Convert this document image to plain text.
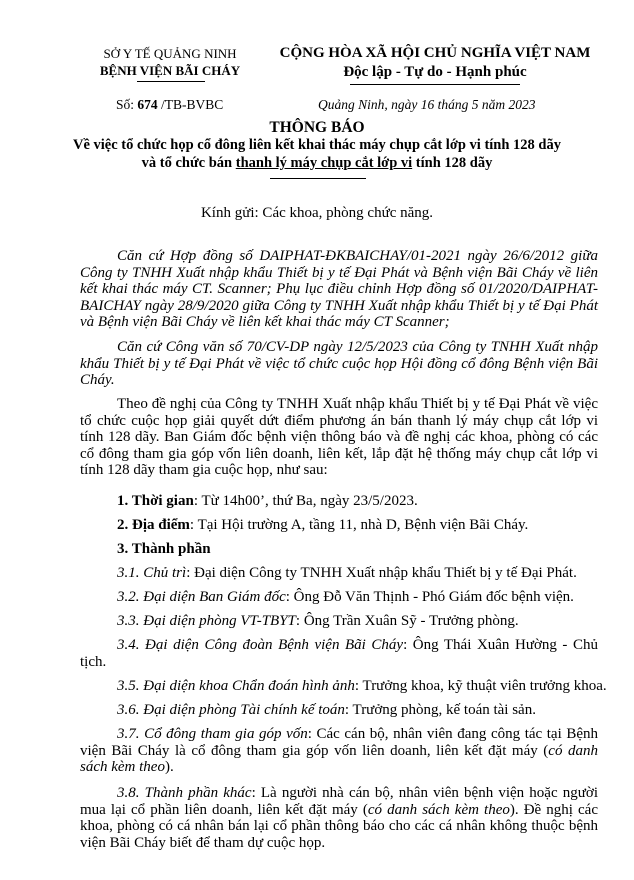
SỞ Y TẾ QUẢNG NINH
BỆNH VIỆN BÃI CHÁY
CỘNG HÒA XÃ HỘI CHỦ NGHĨA VIỆT NAM
Độc lập - Tự do - Hạnh phúc
Số: 674 /TB-BVBC	Quảng Ninh, ngày 16 tháng 5 năm 2023
THÔNG BÁO
Về việc tổ chức họp cổ đông liên kết khai thác máy chụp cắt lớp vi tính 128 dãy
và tổ chức bán thanh lý máy chụp cắt lớp vi tính 128 dãy
Kính gửi: Các khoa, phòng chức năng.
Căn cứ Hợp đồng số DAIPHAT-ĐKBAICHAY/01-2021 ngày 26/6/2012 giữa Công ty TNHH Xuất nhập khẩu Thiết bị y tế Đại Phát và Bệnh viện Bãi Cháy về liên kết khai thác máy CT. Scanner; Phụ lục điều chỉnh Hợp đồng số 01/2020/DAIPHAT-BAICHAY ngày 28/9/2020 giữa Công ty TNHH Xuất nhập khẩu Thiết bị y tế Đại Phát và Bệnh viện Bãi Cháy về liên kết khai thác máy CT Scanner;
Căn cứ Công văn số 70/CV-DP ngày 12/5/2023 của Công ty TNHH Xuất nhập khẩu Thiết bị y tế Đại Phát về việc tổ chức cuộc họp Hội đồng cổ đông Bệnh viện Bãi Cháy.
Theo đề nghị của Công ty TNHH Xuất nhập khẩu Thiết bị y tế Đại Phát về việc tổ chức cuộc họp giải quyết dứt điểm phương án bán thanh lý máy chụp cắt lớp vi tính 128 dãy. Ban Giám đốc bệnh viện thông báo và đề nghị các khoa, phòng có các cổ đông tham gia góp vốn liên doanh, liên kết, lắp đặt hệ thống máy chụp cắt lớp vi tính 128 dãy tham gia cuộc họp, như sau:
1. Thời gian: Từ 14h00’, thứ Ba, ngày 23/5/2023.
2. Địa điểm: Tại Hội trường A, tầng 11, nhà D, Bệnh viện Bãi Cháy.
3. Thành phần
3.1. Chủ trì: Đại diện Công ty TNHH Xuất nhập khẩu Thiết bị y tế Đại Phát.
3.2. Đại diện Ban Giám đốc: Ông Đỗ Văn Thịnh - Phó Giám đốc bệnh viện.
3.3. Đại diện phòng VT-TBYT: Ông Trần Xuân Sỹ - Trưởng phòng.
3.4. Đại diện Công đoàn Bệnh viện Bãi Cháy: Ông Thái Xuân Hường - Chủ tịch.
3.5. Đại diện khoa Chẩn đoán hình ảnh: Trưởng khoa, kỹ thuật viên trưởng khoa.
3.6. Đại diện phòng Tài chính kế toán: Trưởng phòng, kế toán tài sản.
3.7. Cổ đông tham gia góp vốn: Các cán bộ, nhân viên đang công tác tại Bệnh viện Bãi Cháy là cổ đông tham gia góp vốn liên doanh, liên kết đặt máy (có danh sách kèm theo).
3.8. Thành phần khác: Là người nhà cán bộ, nhân viên bệnh viện hoặc người mua lại cổ phần liên doanh, liên kết đặt máy (có danh sách kèm theo). Đề nghị các khoa, phòng có cá nhân bán lại cổ phần thông báo cho các cá nhân không thuộc bệnh viện Bãi Cháy biết để tham dự cuộc họp.
